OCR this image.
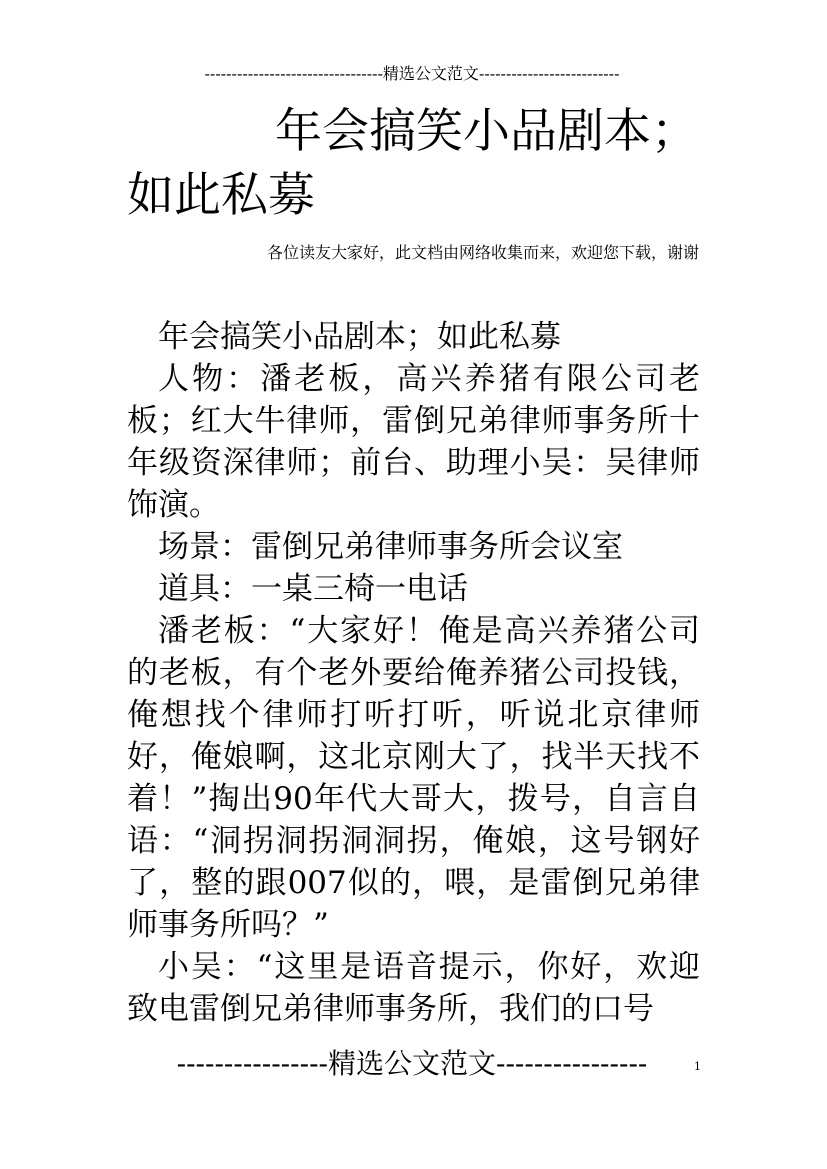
---------------------------------精选公文范文--------------------------
年会搞笑小品剧本；如此私募
各位读友大家好，此文档由网络收集而来，欢迎您下载，谢谢

年会搞笑小品剧本；如此私募

人物：潘老板，高兴养猪有限公司老板；红大牛律师，雷倒兄弟律师事务所十年级资深律师；前台、助理小吴：吴律师饰演。

场景：雷倒兄弟律师事务所会议室

道具：一桌三椅一电话

潘老板：“大家好！俺是高兴养猪公司的老板，有个老外要给俺养猪公司投钱，俺想找个律师打听打听，听说北京律师好，俺娘啊，这北京刚大了，找半天找不着！”掏出90年代大哥大，拨号，自言自语：“洞拐洞拐洞洞拐，俺娘，这号钢好了，整的跟007似的，喂，是雷倒兄弟律师事务所吗？”

小吴：“这里是语音提示，你好，欢迎致电雷倒兄弟律师事务所，我们的口号

----------------精选公文范文----------------	1
